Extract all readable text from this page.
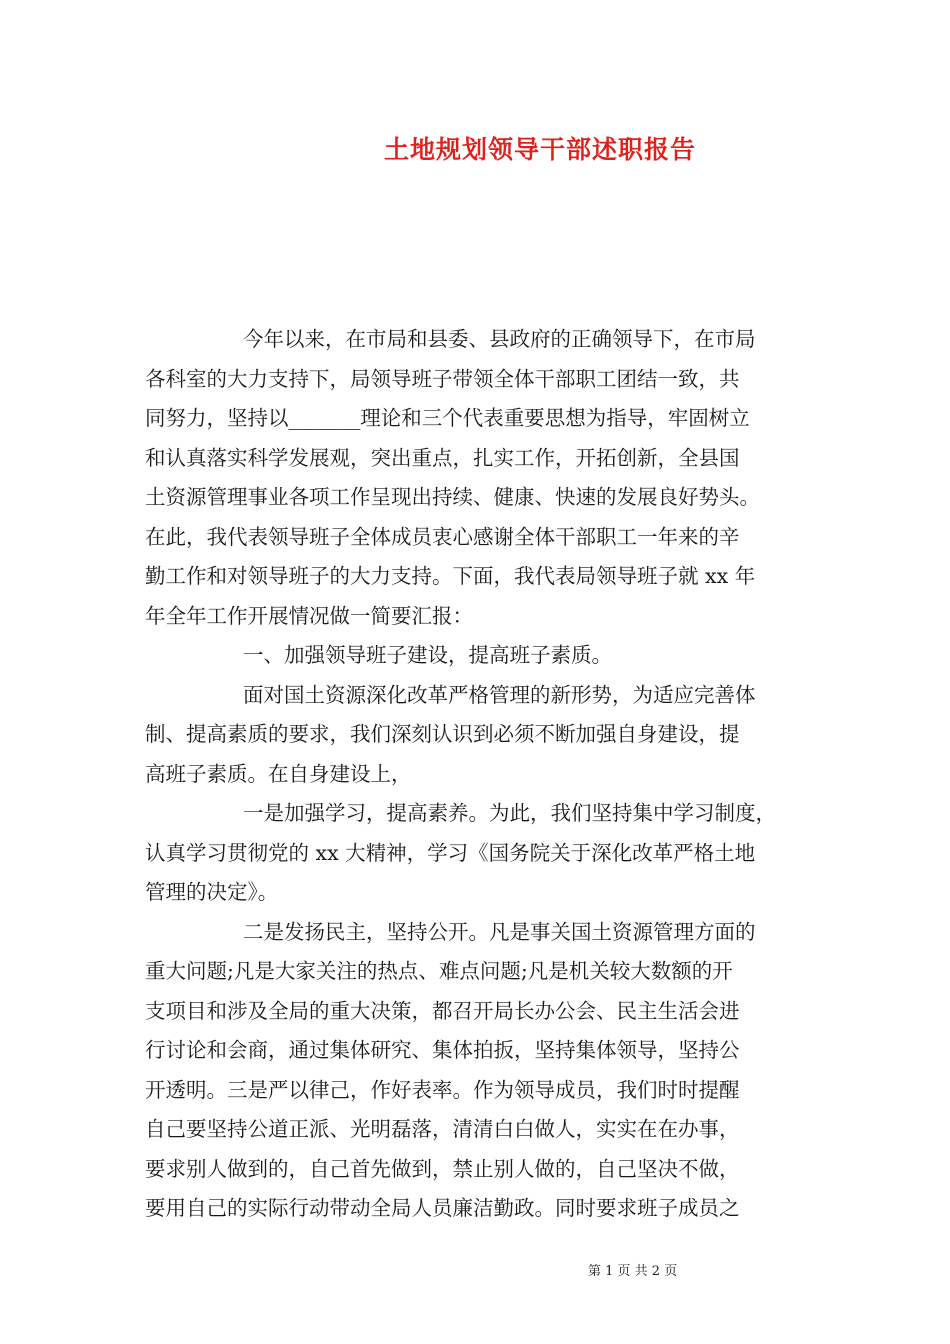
土地规划领导干部述职报告
今年以来，在市局和县委、县政府的正确领导下，在市局
各科室的大力支持下，局领导班子带领全体干部职工团结一致，共
同努力，坚持以_______理论和三个代表重要思想为指导，牢固树立
和认真落实科学发展观，突出重点，扎实工作，开拓创新，全县国
土资源管理事业各项工作呈现出持续、健康、快速的发展良好势头。
在此，我代表领导班子全体成员衷心感谢全体干部职工一年来的辛
勤工作和对领导班子的大力支持。下面，我代表局领导班子就 xx 年
年全年工作开展情况做一简要汇报：
一、加强领导班子建设，提高班子素质。
面对国土资源深化改革严格管理的新形势，为适应完善体
制、提高素质的要求，我们深刻认识到必须不断加强自身建设，提
高班子素质。在自身建设上，
一是加强学习，提高素养。为此，我们坚持集中学习制度，
认真学习贯彻党的 xx 大精神，学习《国务院关于深化改革严格土地
管理的决定》。
二是发扬民主，坚持公开。凡是事关国土资源管理方面的
重大问题;凡是大家关注的热点、难点问题;凡是机关较大数额的开
支项目和涉及全局的重大决策，都召开局长办公会、民主生活会进
行讨论和会商，通过集体研究、集体拍扳，坚持集体领导，坚持公
开透明。三是严以律己，作好表率。作为领导成员，我们时时提醒
自己要坚持公道正派、光明磊落，清清白白做人，实实在在办事，
要求别人做到的，自己首先做到，禁止别人做的，自己坚决不做，
要用自己的实际行动带动全局人员廉洁勤政。同时要求班子成员之
第 1 页 共 2 页
